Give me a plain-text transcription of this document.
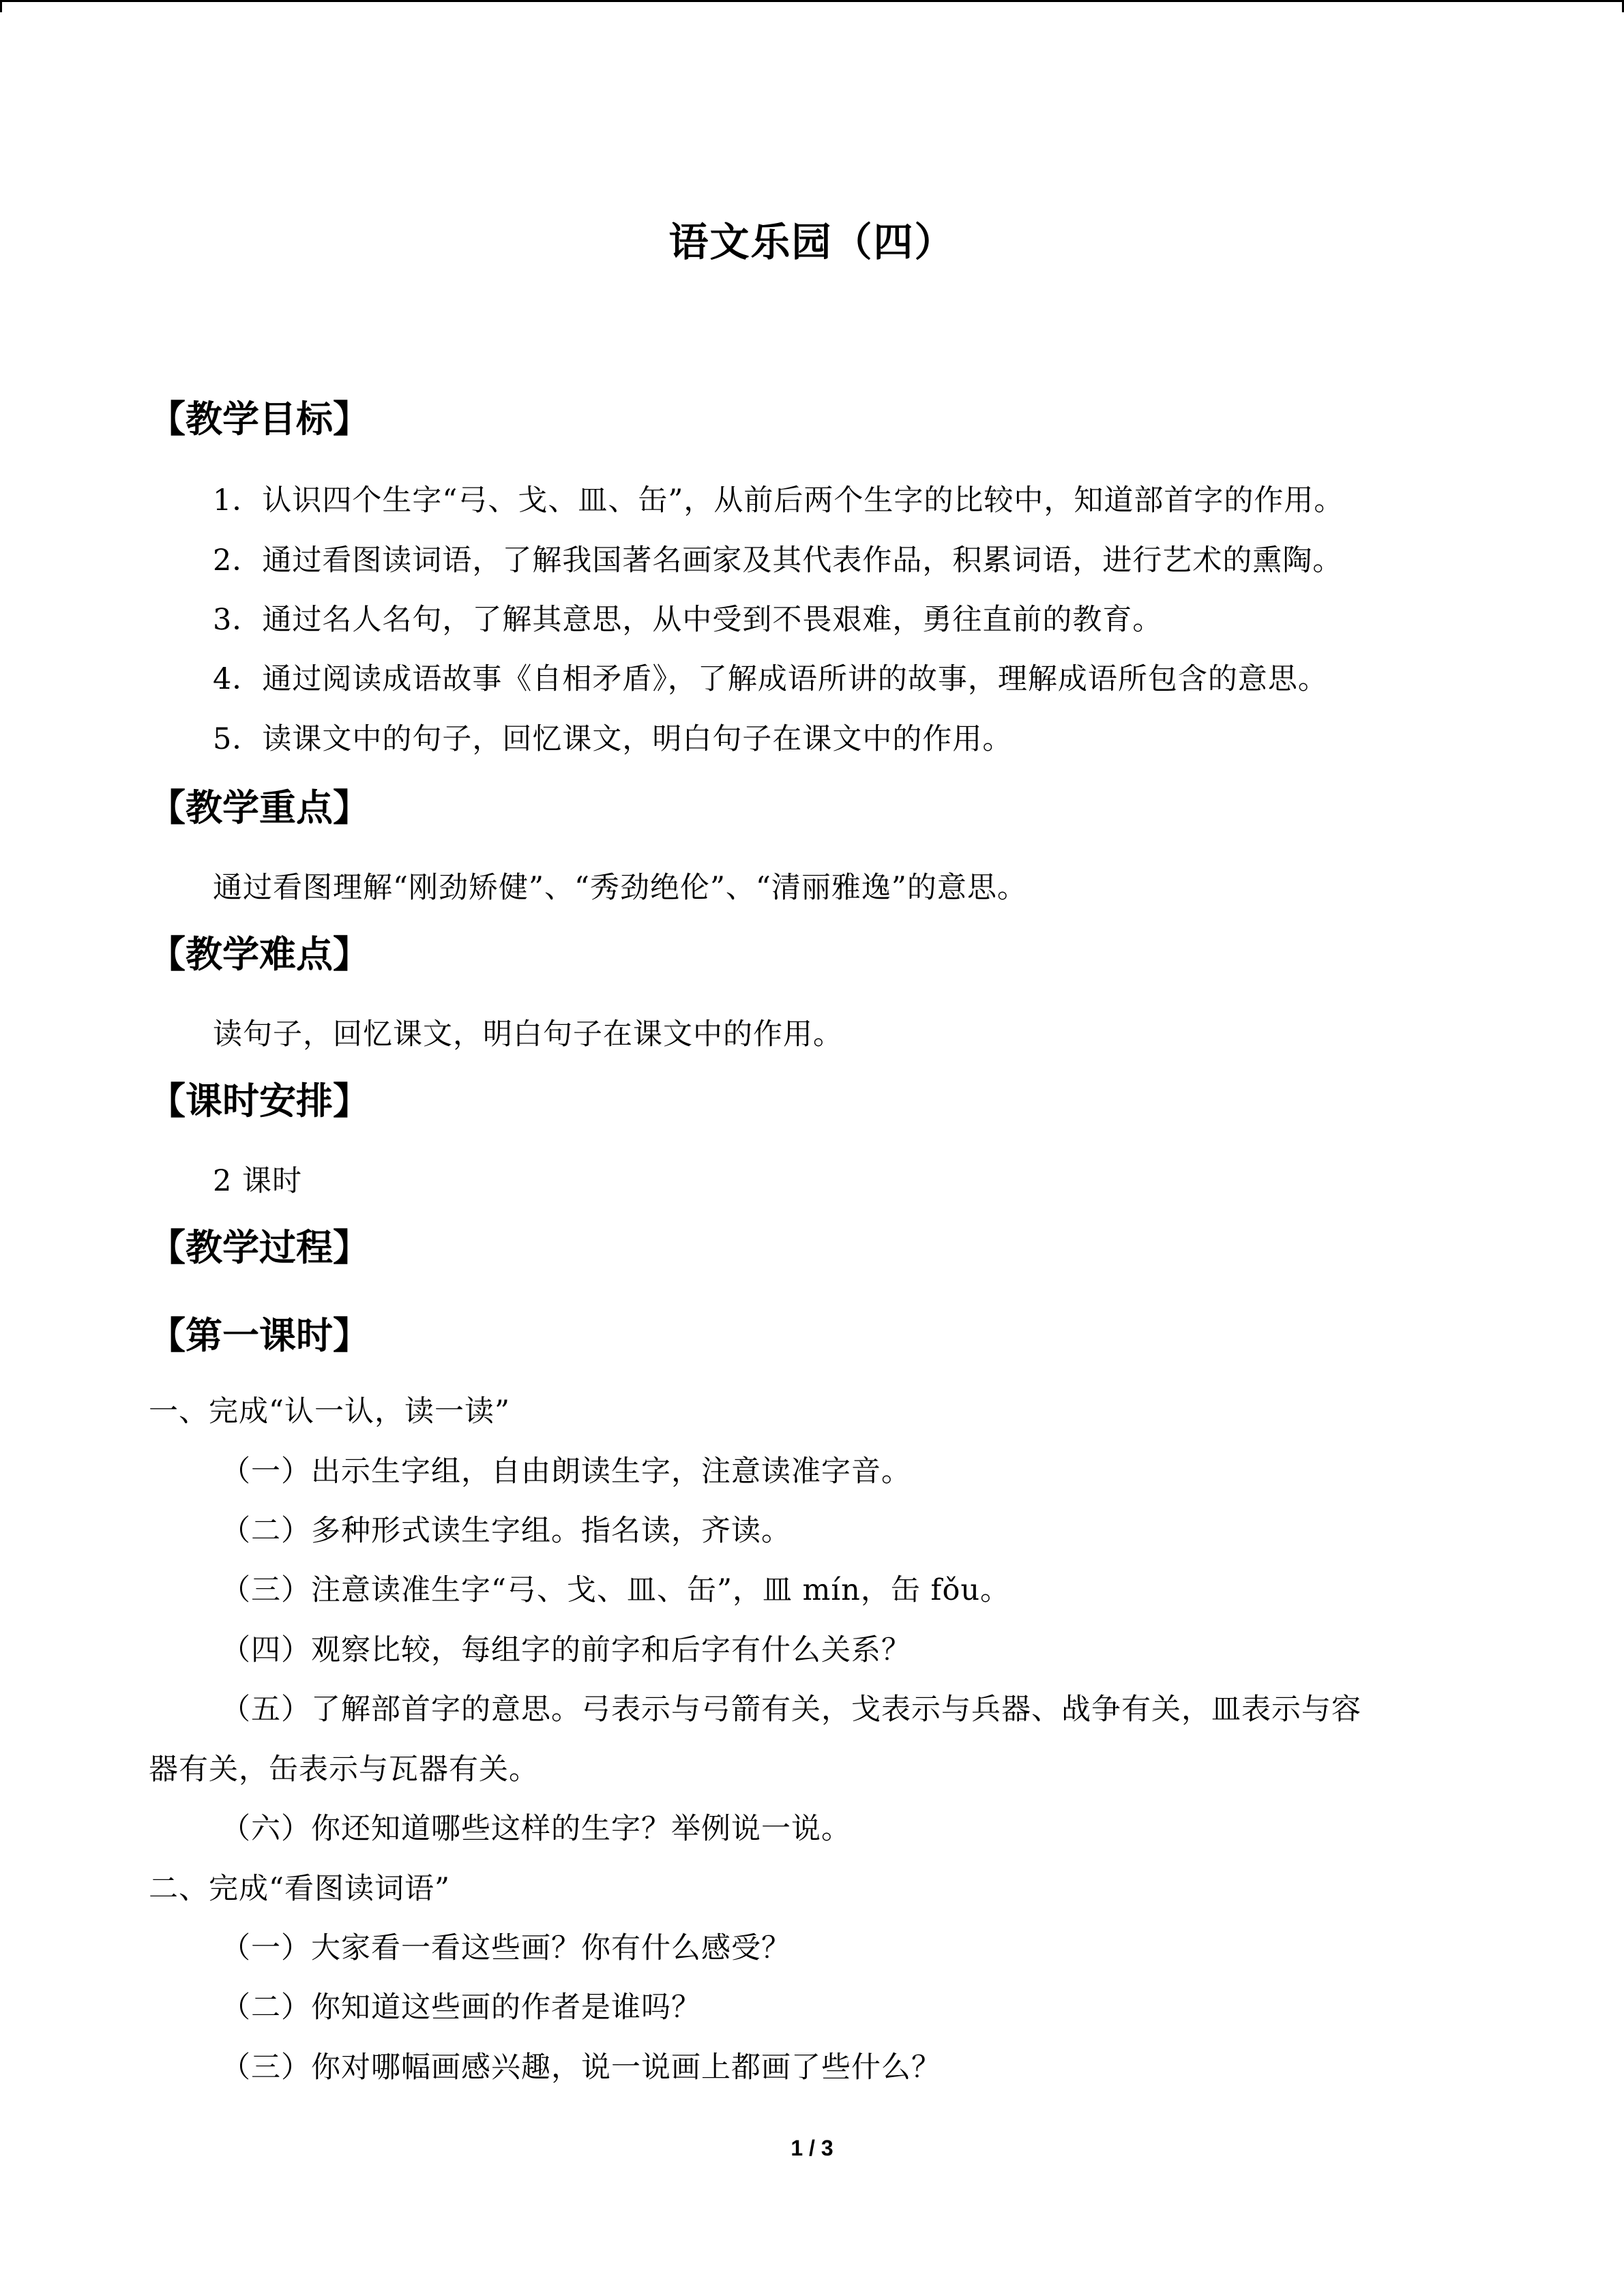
语文乐园（四）
【教学目标】
1．认识四个生字“弓、戈、皿、缶”，从前后两个生字的比较中，知道部首字的作用。
2．通过看图读词语，了解我国著名画家及其代表作品，积累词语，进行艺术的熏陶。
3．通过名人名句，了解其意思，从中受到不畏艰难，勇往直前的教育。
4．通过阅读成语故事《自相矛盾》，了解成语所讲的故事，理解成语所包含的意思。
5．读课文中的句子，回忆课文，明白句子在课文中的作用。
【教学重点】
通过看图理解“刚劲矫健”、“秀劲绝伦”、“清丽雅逸”的意思。
【教学难点】
读句子，回忆课文，明白句子在课文中的作用。
【课时安排】
2 课时
【教学过程】
【第一课时】
一、完成“认一认，读一读”
（一）出示生字组，自由朗读生字，注意读准字音。
（二）多种形式读生字组。指名读，齐读。
（三）注意读准生字“弓、戈、皿、缶”，皿 mín，缶 fǒu。
（四）观察比较，每组字的前字和后字有什么关系？
（五）了解部首字的意思。弓表示与弓箭有关，戈表示与兵器、战争有关，皿表示与容
器有关，缶表示与瓦器有关。
（六）你还知道哪些这样的生字？举例说一说。
二、完成“看图读词语”
（一）大家看一看这些画？你有什么感受？
（二）你知道这些画的作者是谁吗？
（三）你对哪幅画感兴趣，说一说画上都画了些什么？
1 / 3
